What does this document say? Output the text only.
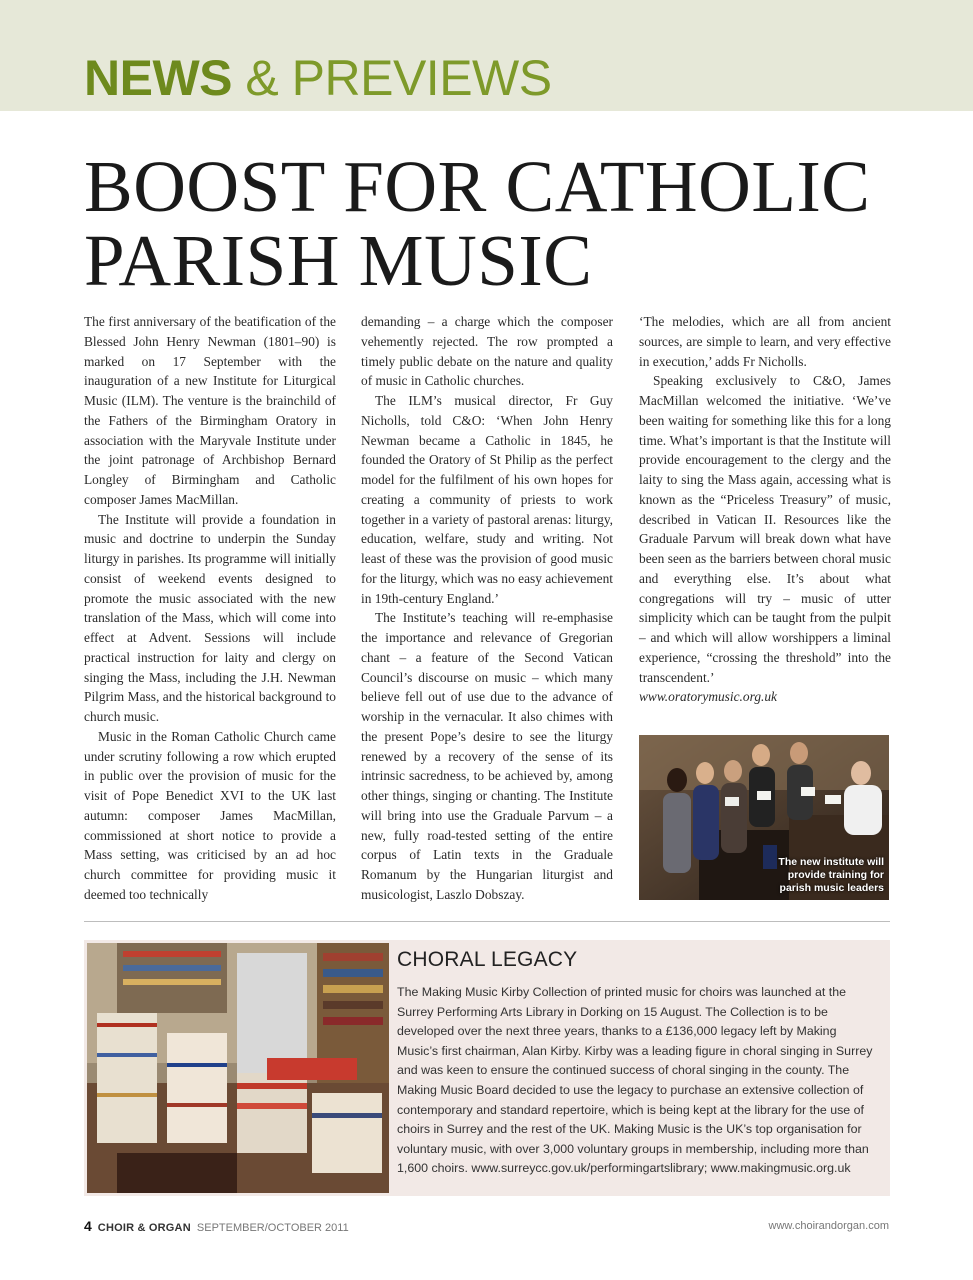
NEWS & PREVIEWS
BOOST FOR CATHOLIC PARISH MUSIC

The first anniversary of the beatification of the Blessed John Henry Newman (1801–90) is marked on 17 September with the inauguration of a new Institute for Liturgical Music (ILM). The venture is the brainchild of the Fathers of the Birmingham Oratory in association with the Maryvale Institute under the joint patronage of Archbishop Bernard Longley of Birmingham and Catholic composer James MacMillan.

The Institute will provide a foundation in music and doctrine to underpin the Sunday liturgy in parishes. Its programme will initially consist of weekend events designed to promote the music associated with the new translation of the Mass, which will come into effect at Advent. Sessions will include practical instruction for laity and clergy on singing the Mass, including the J.H. Newman Pilgrim Mass, and the historical background to church music.

Music in the Roman Catholic Church came under scrutiny following a row which erupted in public over the provision of music for the visit of Pope Benedict XVI to the UK last autumn: composer James MacMillan, commissioned at short notice to provide a Mass setting, was criticised by an ad hoc church committee for providing music it deemed too technically

demanding – a charge which the composer vehemently rejected. The row prompted a timely public debate on the nature and quality of music in Catholic churches.

The ILM’s musical director, Fr Guy Nicholls, told C&O: ‘When John Henry Newman became a Catholic in 1845, he founded the Oratory of St Philip as the perfect model for the fulfilment of his own hopes for creating a community of priests to work together in a variety of pastoral arenas: liturgy, education, welfare, study and writing. Not least of these was the provision of good music for the liturgy, which was no easy achievement in 19th-century England.’

The Institute’s teaching will re-emphasise the importance and relevance of Gregorian chant – a feature of the Second Vatican Council’s discourse on music – which many believe fell out of use due to the advance of worship in the vernacular. It also chimes with the present Pope’s desire to see the liturgy renewed by a recovery of the sense of its intrinsic sacredness, to be achieved by, among other things, singing or chanting. The Institute will bring into use the Graduale Parvum – a new, fully road-tested setting of the entire corpus of Latin texts in the Graduale Romanum by the Hungarian liturgist and musicologist, Laszlo Dobszay.

‘The melodies, which are all from ancient sources, are simple to learn, and very effective in execution,’ adds Fr Nicholls.

Speaking exclusively to C&O, James MacMillan welcomed the initiative. ‘We’ve been waiting for something like this for a long time. What’s important is that the Institute will provide encouragement to the clergy and the laity to sing the Mass again, accessing what is known as the “Priceless Treasury” of music, described in Vatican II. Resources like the Graduale Parvum will break down what have been seen as the barriers between choral music and everything else. It’s about what congregations will try – music of utter simplicity which can be taught from the pulpit – and which will allow worshippers a liminal experience, “crossing the threshold” into the transcendent.’

www.oratorymusic.org.uk

The new institute will provide training for parish music leaders
CHORAL LEGACY

The Making Music Kirby Collection of printed music for choirs was launched at the Surrey Performing Arts Library in Dorking on 15 August. The Collection is to be developed over the next three years, thanks to a £136,000 legacy left by Making Music’s first chairman, Alan Kirby. Kirby was a leading figure in choral singing in Surrey and was keen to ensure the continued success of choral singing in the county. The Making Music Board decided to use the legacy to purchase an extensive collection of contemporary and standard repertoire, which is being kept at the library for the use of choirs in Surrey and the rest of the UK. Making Music is the UK’s top organisation for voluntary music, with over 3,000 voluntary groups in membership, including more than 1,600 choirs. www.surreycc.gov.uk/performingartslibrary; www.makingmusic.org.uk

4 CHOIR & ORGAN SEPTEMBER/OCTOBER 2011	www.choirandorgan.com
